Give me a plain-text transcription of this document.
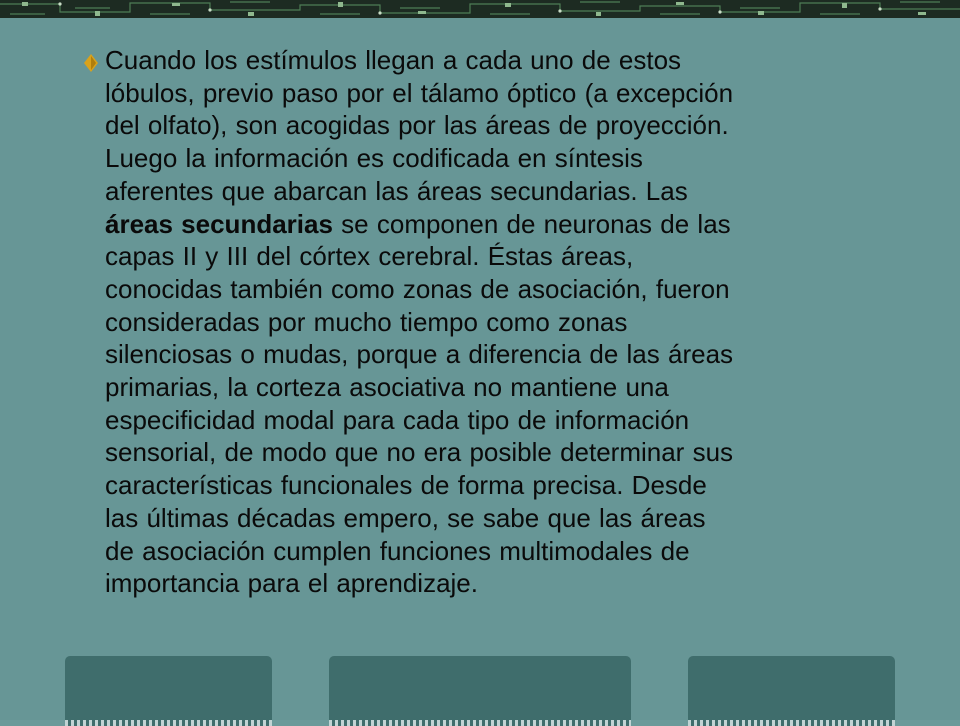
Cuando los estímulos llegan a cada uno de estos
lóbulos, previo paso por el tálamo óptico (a excepción
del olfato), son acogidas por las áreas de proyección.
Luego la información es codificada en síntesis
aferentes que abarcan las áreas secundarias. Las
áreas secundarias se componen de neuronas de las
capas II y III del córtex cerebral. Éstas áreas,
conocidas también como zonas de asociación, fueron
consideradas por mucho tiempo como zonas
silenciosas o mudas, porque a diferencia de las áreas
primarias, la corteza asociativa no mantiene una
especificidad modal para cada tipo de información
sensorial, de modo que no era posible determinar sus
características funcionales de forma precisa. Desde
las últimas décadas empero, se sabe que las áreas
de asociación cumplen funciones multimodales de
importancia para el aprendizaje.
